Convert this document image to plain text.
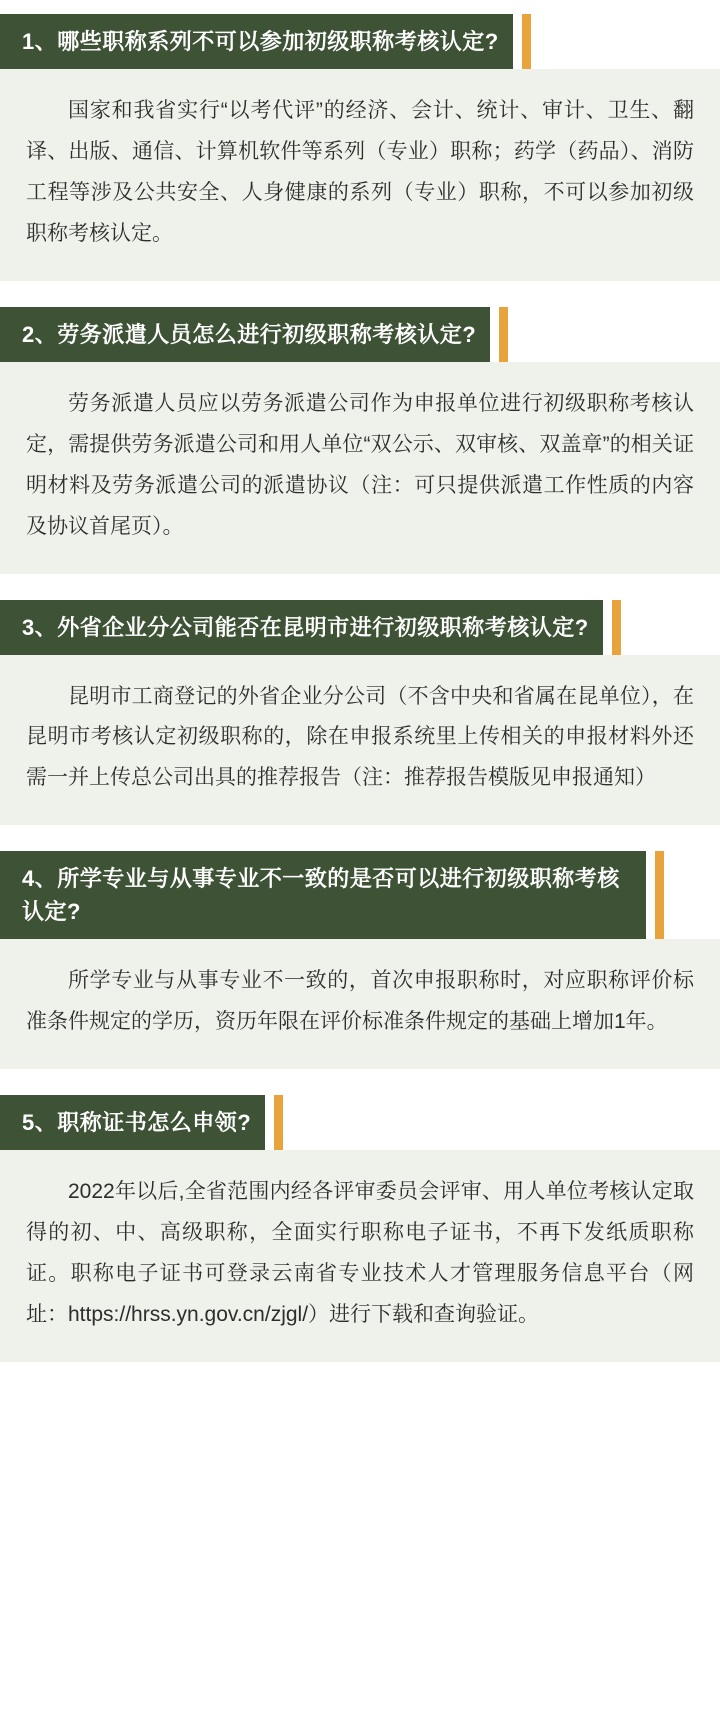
1、哪些职称系列不可以参加初级职称考核认定?

国家和我省实行“以考代评”的经济、会计、统计、审计、卫生、翻译、出版、通信、计算机软件等系列（专业）职称；药学（药品）、消防工程等涉及公共安全、人身健康的系列（专业）职称，不可以参加初级职称考核认定。

2、劳务派遣人员怎么进行初级职称考核认定?

劳务派遣人员应以劳务派遣公司作为申报单位进行初级职称考核认定，需提供劳务派遣公司和用人单位“双公示、双审核、双盖章”的相关证明材料及劳务派遣公司的派遣协议（注：可只提供派遣工作性质的内容及协议首尾页）。

3、外省企业分公司能否在昆明市进行初级职称考核认定?

昆明市工商登记的外省企业分公司（不含中央和省属在昆单位），在昆明市考核认定初级职称的，除在申报系统里上传相关的申报材料外还需一并上传总公司出具的推荐报告（注：推荐报告模版见申报通知）

4、所学专业与从事专业不一致的是否可以进行初级职称考核认定?

所学专业与从事专业不一致的，首次申报职称时，对应职称评价标准条件规定的学历，资历年限在评价标准条件规定的基础上增加1年。

5、职称证书怎么申领?

2022年以后,全省范围内经各评审委员会评审、用人单位考核认定取得的初、中、高级职称，全面实行职称电子证书，不再下发纸质职称证。职称电子证书可登录云南省专业技术人才管理服务信息平台（网址：https://hrss.yn.gov.cn/zjgl/）进行下载和查询验证。
